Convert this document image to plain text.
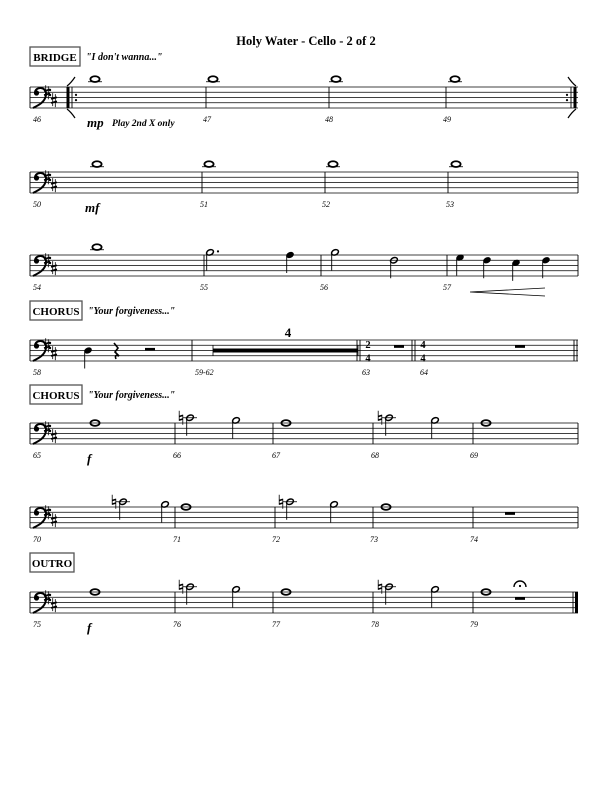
Holy Water - Cello - 2 of 2
BRIDGE "I don't wanna..."
CHORUS "Your forgiveness..."
CHORUS "Your forgiveness..."
OUTRO
46	47	48	49
mp Play 2nd X only
50	51	52	53
mf
54	55	56	57
58	59-62	63	64
4
2
4
4
4
65	66	67	68	69
f
70	71	72	73	74
75	76	77	78	79
f
